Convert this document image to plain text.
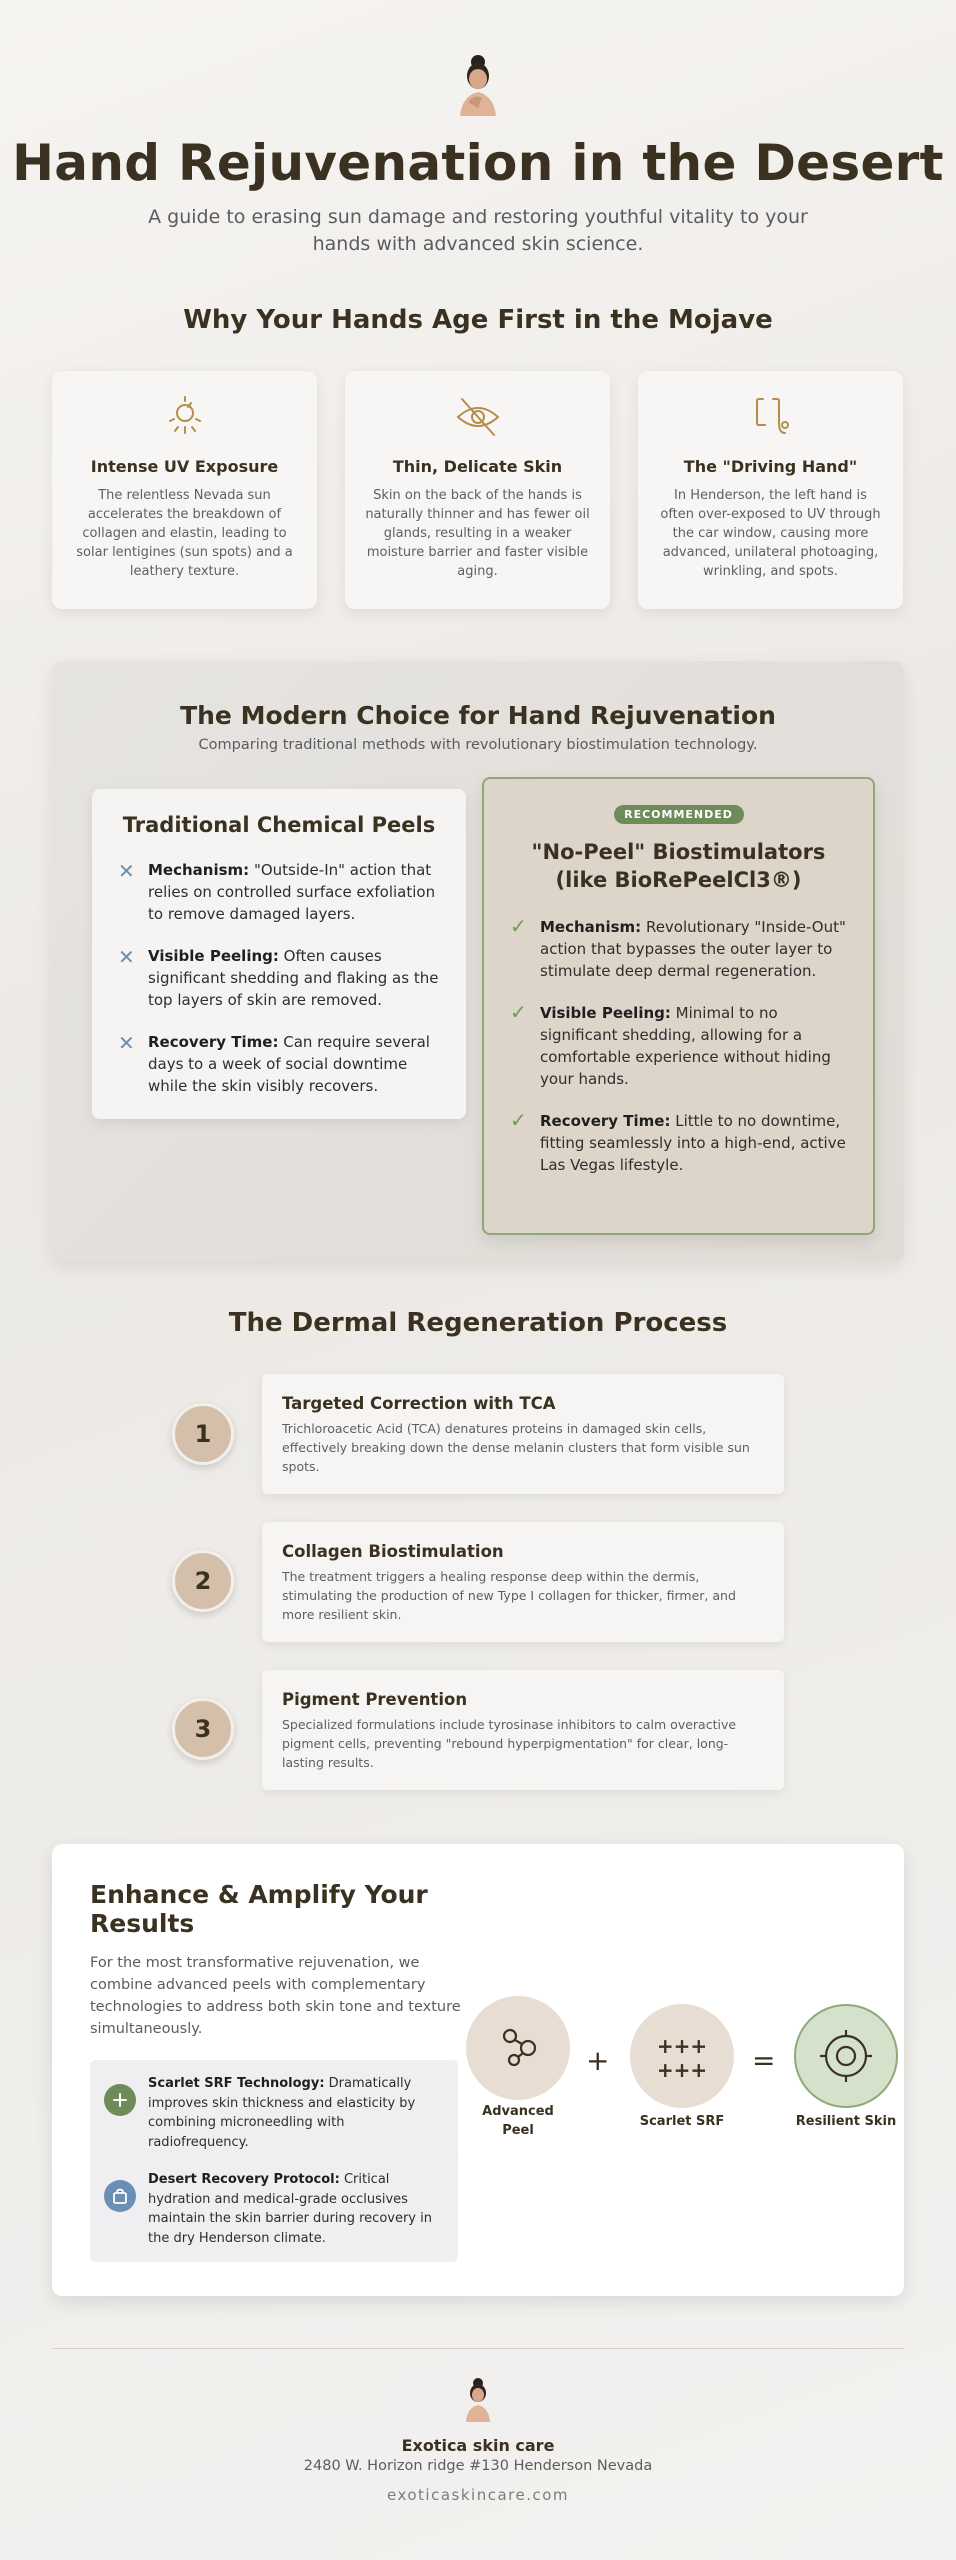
Hand Rejuvenation in the Desert

A guide to erasing sun damage and restoring youthful vitality to your hands with advanced skin science.

Why Your Hands Age First in the Mojave
Intense UV Exposure

The relentless Nevada sun accelerates the breakdown of collagen and elastin, leading to solar lentigines (sun spots) and a leathery texture.

Thin, Delicate Skin

Skin on the back of the hands is naturally thinner and has fewer oil glands, resulting in a weaker moisture barrier and faster visible aging.

The "Driving Hand"

In Henderson, the left hand is often over-exposed to UV through the car window, causing more advanced, unilateral photoaging, wrinkling, and spots.

The Modern Choice for Hand Rejuvenation

Comparing traditional methods with revolutionary biostimulation technology.

Traditional Chemical Peels
✕ Mechanism: "Outside-In" action that relies on controlled surface exfoliation to remove damaged layers.
✕ Visible Peeling: Often causes significant shedding and flaking as the top layers of skin are removed.
✕ Recovery Time: Can require several days to a week of social downtime while the skin visibly recovers.
RECOMMENDED
"No-Peel" Biostimulators (like BioRePeelCl3®)
✓ Mechanism: Revolutionary "Inside-Out" action that bypasses the outer layer to stimulate deep dermal regeneration.
✓ Visible Peeling: Minimal to no significant shedding, allowing for a comfortable experience without hiding your hands.
✓ Recovery Time: Little to no downtime, fitting seamlessly into a high-end, active Las Vegas lifestyle.
The Dermal Regeneration Process
1
Targeted Correction with TCA

Trichloroacetic Acid (TCA) denatures proteins in damaged skin cells, effectively breaking down the dense melanin clusters that form visible sun spots.

2
Collagen Biostimulation

The treatment triggers a healing response deep within the dermis, stimulating the production of new Type I collagen for thicker, firmer, and more resilient skin.

3
Pigment Prevention

Specialized formulations include tyrosinase inhibitors to calm overactive pigment cells, preventing "rebound hyperpigmentation" for clear, long-lasting results.

Enhance & Amplify Your Results

For the most transformative rejuvenation, we combine advanced peels with complementary technologies to address both skin tone and texture simultaneously.

Scarlet SRF Technology: Dramatically improves skin thickness and elasticity by combining microneedling with radiofrequency.
Desert Recovery Protocol: Critical hydration and medical-grade occlusives maintain the skin barrier during recovery in the dry Henderson climate.
Advanced Peel
+ +++ +++
Scarlet SRF
=
Resilient Skin
Exotica skin care
2480 W. Horizon ridge #130 Henderson Nevada
exoticaskincare.com
